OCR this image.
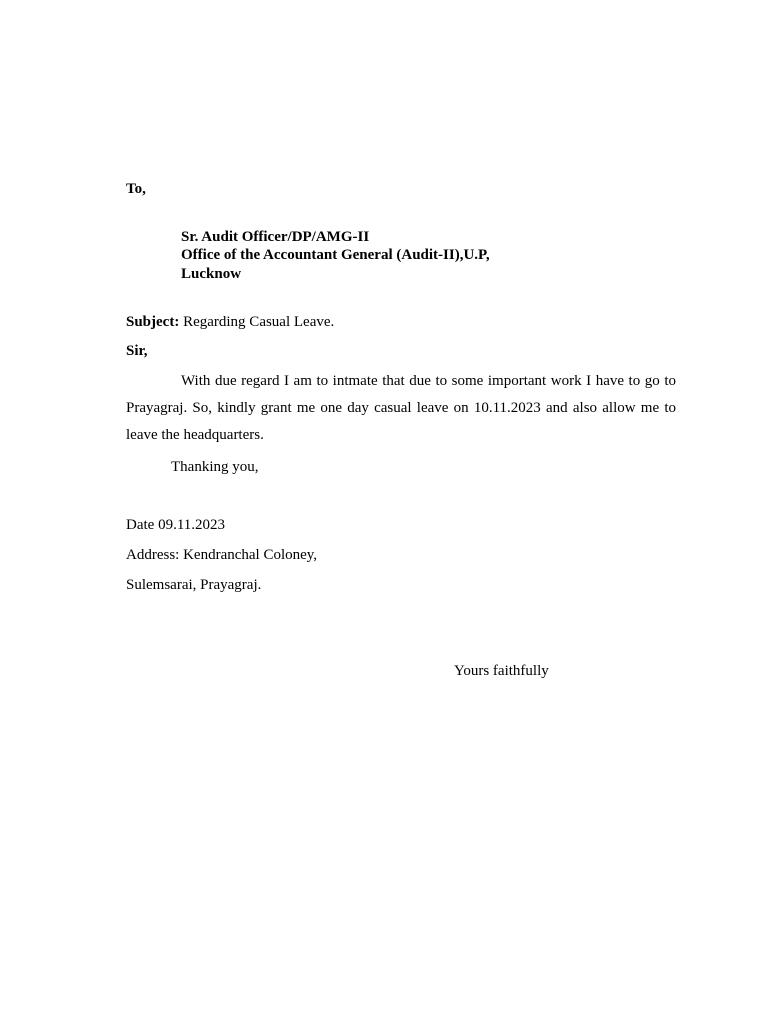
To,
Sr. Audit Officer/DP/AMG-II
Office of the Accountant General (Audit-II),U.P,
Lucknow
Subject: Regarding Casual Leave.
Sir,
With due regard I am to intmate that due to some important work I have to go to Prayagraj. So, kindly grant me one day casual leave on 10.11.2023 and also allow me to leave the headquarters.
Thanking you,
Date 09.11.2023
Address: Kendranchal Coloney,
Sulemsarai, Prayagraj.
Yours faithfully
